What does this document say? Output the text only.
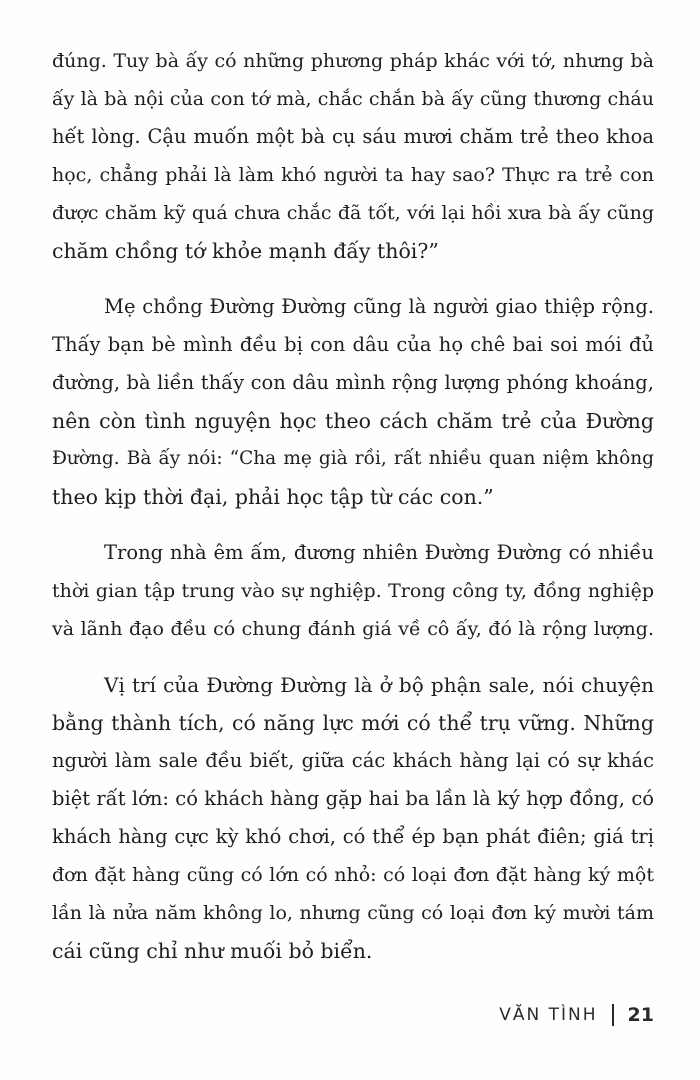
đúng. Tuy bà ấy có những phương pháp khác với tớ, nhưng bà
ấy là bà nội của con tớ mà, chắc chắn bà ấy cũng thương cháu
hết lòng. Cậu muốn một bà cụ sáu mươi chăm trẻ theo khoa
học, chẳng phải là làm khó người ta hay sao? Thực ra trẻ con
được chăm kỹ quá chưa chắc đã tốt, với lại hồi xưa bà ấy cũng
chăm chồng tớ khỏe mạnh đấy thôi?”
Mẹ chồng Đường Đường cũng là người giao thiệp rộng.
Thấy bạn bè mình đều bị con dâu của họ chê bai soi mói đủ
đường, bà liền thấy con dâu mình rộng lượng phóng khoáng,
nên còn tình nguyện học theo cách chăm trẻ của Đường
Đường. Bà ấy nói: “Cha mẹ già rồi, rất nhiều quan niệm không
theo kịp thời đại, phải học tập từ các con.”
Trong nhà êm ấm, đương nhiên Đường Đường có nhiều
thời gian tập trung vào sự nghiệp. Trong công ty, đồng nghiệp
và lãnh đạo đều có chung đánh giá về cô ấy, đó là rộng lượng.
Vị trí của Đường Đường là ở bộ phận sale, nói chuyện
bằng thành tích, có năng lực mới có thể trụ vững. Những
người làm sale đều biết, giữa các khách hàng lại có sự khác
biệt rất lớn: có khách hàng gặp hai ba lần là ký hợp đồng, có
khách hàng cực kỳ khó chơi, có thể ép bạn phát điên; giá trị
đơn đặt hàng cũng có lớn có nhỏ: có loại đơn đặt hàng ký một
lần là nửa năm không lo, nhưng cũng có loại đơn ký mười tám
cái cũng chỉ như muối bỏ biển.
VĂN TÌNH 21
